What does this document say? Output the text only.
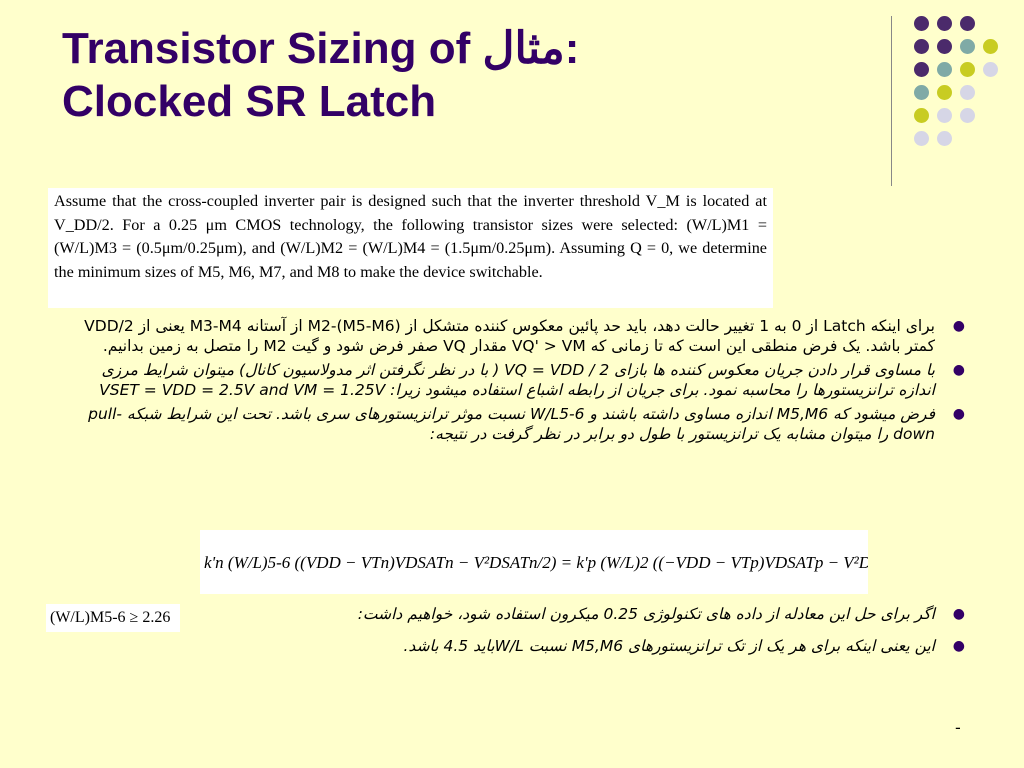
Transistor Sizing of :مثال
Clocked SR Latch
Assume that the cross-coupled inverter pair is designed such that the inverter threshold V_M is located at V_DD/2. For a 0.25 μm CMOS technology, the following transistor sizes were selected: (W/L)M1 = (W/L)M3 = (0.5μm/0.25μm), and (W/L)M2 = (W/L)M4 = (1.5μm/0.25μm). Assuming Q = 0, we determine the minimum sizes of M5, M6, M7, and M8 to make the device switchable.
●
برای اینکه Latch از 0 به 1 تغییر حالت دهد، باید حد پائین معکوس کننده متشکل از (M5-M6)-M2 از آستانه M3-M4 یعنی از VDD/2 کمتر باشد. یک فرض منطقی این است که تا زمانی که VQ' > VM مقدار VQ صفر فرض شود و گیت M2 را متصل به زمین بدانیم.
●
با مساوی قرار دادن جریان معکوس کننده ها بازای VQ = VDD / 2 ( با در نظر نگرفتن اثر مدولاسیون کانال) میتوان شرایط مرزی اندازه ترانزیستورها را محاسبه نمود. برای جریان از رابطه اشباع استفاده میشود زیرا: VSET = VDD = 2.5V and VM = 1.25V
●
فرض میشود که M5,M6 اندازه مساوی داشته باشند و W/L5-6 نسبت موثر ترانزیستورهای سری باشد. تحت این شرایط شبکه pull-down را میتوان مشابه یک ترانزیستور با طول دو برابر در نظر گرفت در نتیجه:
●
اگر برای حل این معادله از داده های تکنولوژی 0.25 میکرون استفاده شود، خواهیم داشت:
●
این یعنی اینکه برای هر یک از تک ترانزیستورهای M5,M6 نسبت W/Lباید 4.5 باشد.
k'n (W/L)5-6 ((VDD − VTn)VDSATn − V²DSATn/2) = k'p (W/L)2 ((−VDD − VTp)VDSATp − V²DSATp/2)
(W/L)M5-6 ≥ 2.26
-
